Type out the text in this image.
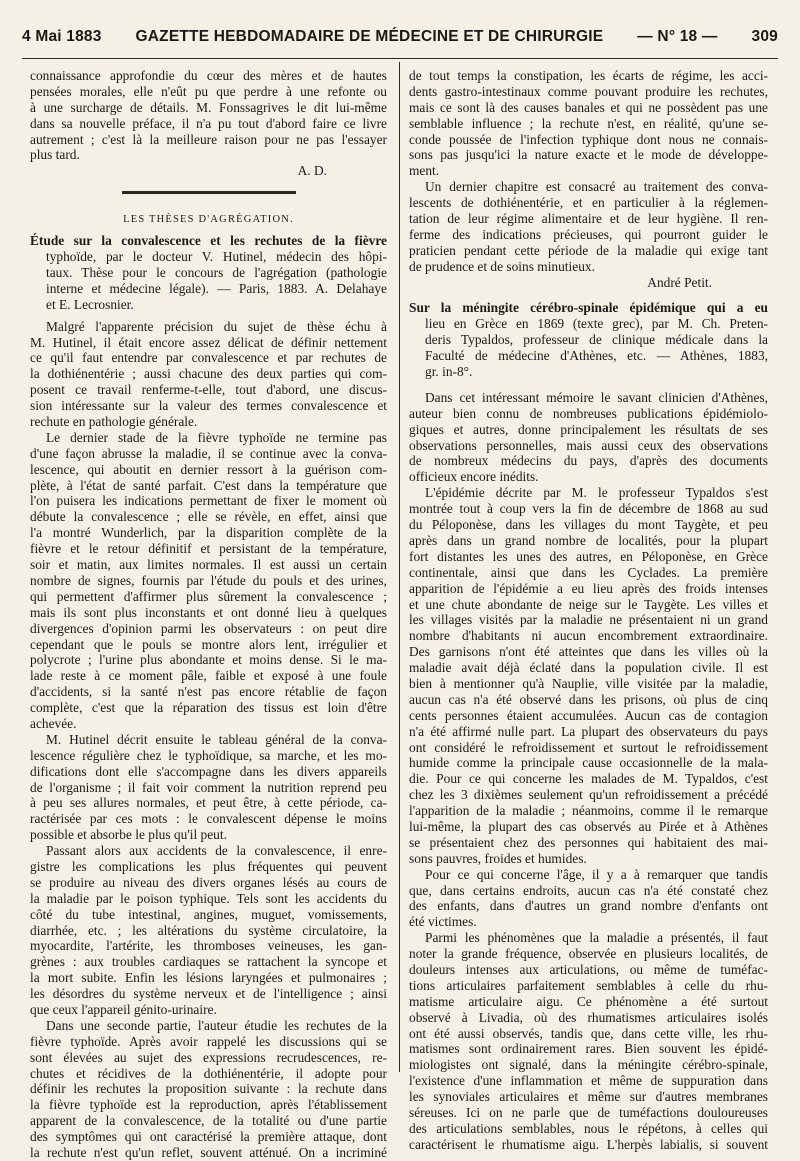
4 Mai 1883 GAZETTE HEBDOMADAIRE DE MÉDECINE ET DE CHIRURGIE — N° 18 — 309
connaissance approfondie du cœur des mères et de hautes
pensées morales, elle n'eût pu que perdre à une refonte ou
à une surcharge de détails. M. Fonssagrives le dit lui-même
dans sa nouvelle préface, il n'a pu tout d'abord faire ce livre
autrement ; c'est là la meilleure raison pour ne pas l'essayer
plus tard.
A. D.
LES THÈSES D'AGRÉGATION.
Étude sur la convalescence et les rechutes de la fièvre
typhoïde, par le docteur V. Hutinel, médecin des hôpi-
taux. Thèse pour le concours de l'agrégation (pathologie
interne et médecine légale). — Paris, 1883. A. Delahaye
et E. Lecrosnier.
Malgré l'apparente précision du sujet de thèse échu à
M. Hutinel, il était encore assez délicat de définir nettement
ce qu'il faut entendre par convalescence et par rechutes de
la dothiénentérie ; aussi chacune des deux parties qui com-
posent ce travail renferme-t-elle, tout d'abord, une discus-
sion intéressante sur la valeur des termes convalescence et
rechute en pathologie générale.
Le dernier stade de la fièvre typhoïde ne termine pas
d'une façon abrusse la maladie, il se continue avec la conva-
lescence, qui aboutit en dernier ressort à la guérison com-
plète, à l'état de santé parfait. C'est dans la température que
l'on puisera les indications permettant de fixer le moment où
débute la convalescence ; elle se révèle, en effet, ainsi que
l'a montré Wunderlich, par la disparition complète de la
fièvre et le retour définitif et persistant de la température,
soir et matin, aux limites normales. Il est aussi un certain
nombre de signes, fournis par l'étude du pouls et des urines,
qui permettent d'affirmer plus sûrement la convalescence ;
mais ils sont plus inconstants et ont donné lieu à quelques
divergences d'opinion parmi les observateurs : on peut dire
cependant que le pouls se montre alors lent, irrégulier et
polycrote ; l'urine plus abondante et moins dense. Si le ma-
lade reste à ce moment pâle, faible et exposé à une foule
d'accidents, si la santé n'est pas encore rétablie de façon
complète, c'est que la réparation des tissus est loin d'être
achevée.
M. Hutinel décrit ensuite le tableau général de la conva-
lescence régulière chez le typhoïdique, sa marche, et les mo-
difications dont elle s'accompagne dans les divers appareils
de l'organisme ; il fait voir comment la nutrition reprend peu
à peu ses allures normales, et peut être, à cette période, ca-
ractérisée par ces mots : le convalescent dépense le moins
possible et absorbe le plus qu'il peut.
Passant alors aux accidents de la convalescence, il enre-
gistre les complications les plus fréquentes qui peuvent
se produire au niveau des divers organes lésés au cours de
la maladie par le poison typhique. Tels sont les accidents du
côté du tube intestinal, angines, muguet, vomissements,
diarrhée, etc. ; les altérations du système circulatoire, la
myocardite, l'artérite, les thromboses veineuses, les gan-
grènes : aux troubles cardiaques se rattachent la syncope et
la mort subite. Enfin les lésions laryngées et pulmonaires ;
les désordres du système nerveux et de l'intelligence ; ainsi
que ceux l'appareil génito-urinaire.
Dans une seconde partie, l'auteur étudie les rechutes de la
fièvre typhoïde. Après avoir rappelé les discussions qui se
sont élevées au sujet des expressions recrudescences, re-
chutes et récidives de la dothiénentérie, il adopte pour
définir les rechutes la proposition suivante : la rechute dans
la fièvre typhoïde est la reproduction, après l'établissement
apparent de la convalescence, de la totalité ou d'une partie
des symptômes qui ont caractérisé la première attaque, dont
la rechute n'est qu'un reflet, souvent atténué. On a incriminé
de tout temps la constipation, les écarts de régime, les acci-
dents gastro-intestinaux comme pouvant produire les rechutes,
mais ce sont là des causes banales et qui ne possèdent pas une
semblable influence ; la rechute n'est, en réalité, qu'une se-
conde poussée de l'infection typhique dont nous ne connais-
sons pas jusqu'ici la nature exacte et le mode de développe-
ment.
Un dernier chapitre est consacré au traitement des conva-
lescents de dothiénentérie, et en particulier à la réglemen-
tation de leur régime alimentaire et de leur hygiène. Il ren-
ferme des indications précieuses, qui pourront guider le
praticien pendant cette période de la maladie qui exige tant
de prudence et de soins minutieux.
André Petit.
Sur la méningite cérébro-spinale épidémique qui a eu
lieu en Grèce en 1869 (texte grec), par M. Ch. Preten-
deris Typaldos, professeur de clinique médicale dans la
Faculté de médecine d'Athènes, etc. — Athènes, 1883,
gr. in-8°.
Dans cet intéressant mémoire le savant clinicien d'Athènes,
auteur bien connu de nombreuses publications épidémiolo-
giques et autres, donne principalement les résultats de ses
observations personnelles, mais aussi ceux des observations
de nombreux médecins du pays, d'après des documents
officieux encore inédits.
L'épidémie décrite par M. le professeur Typaldos s'est
montrée tout à coup vers la fin de décembre de 1868 au sud
du Péloponèse, dans les villages du mont Taygète, et peu
après dans un grand nombre de localités, pour la plupart
fort distantes les unes des autres, en Péloponèse, en Grèce
continentale, ainsi que dans les Cyclades. La première
apparition de l'épidémie a eu lieu après des froids intenses
et une chute abondante de neige sur le Taygète. Les villes et
les villages visités par la maladie ne présentaient ni un grand
nombre d'habitants ni aucun encombrement extraordinaire.
Des garnisons n'ont été atteintes que dans les villes où la
maladie avait déjà éclaté dans la population civile. Il est
bien à mentionner qu'à Nauplie, ville visitée par la maladie,
aucun cas n'a été observé dans les prisons, où plus de cinq
cents personnes étaient accumulées. Aucun cas de contagion
n'a été affirmé nulle part. La plupart des observateurs du pays
ont considéré le refroidissement et surtout le refroidissement
humide comme la principale cause occasionnelle de la mala-
die. Pour ce qui concerne les malades de M. Typaldos, c'est
chez les 3 dixièmes seulement qu'un refroidissement a précédé
l'apparition de la maladie ; néanmoins, comme il le remarque
lui-même, la plupart des cas observés au Pirée et à Athènes
se présentaient chez des personnes qui habitaient des mai-
sons pauvres, froides et humides.
Pour ce qui concerne l'âge, il y a à remarquer que tandis
que, dans certains endroits, aucun cas n'a été constaté chez
des enfants, dans d'autres un grand nombre d'enfants ont
été victimes.
Parmi les phénomènes que la maladie a présentés, il faut
noter la grande fréquence, observée en plusieurs localités, de
douleurs intenses aux articulations, ou même de tuméfac-
tions articulaires parfaitement semblables à celle du rhu-
matisme articulaire aigu. Ce phénomène a été surtout
observé à Livadia, où des rhumatismes articulaires isolés
ont été aussi observés, tandis que, dans cette ville, les rhu-
matismes sont ordinairement rares. Bien souvent les épidé-
miologistes ont signalé, dans la méningite cérébro-spinale,
l'existence d'une inflammation et même de suppuration dans
les synoviales articulaires et même sur d'autres membranes
séreuses. Ici on ne parle que de tuméfactions douloureuses
des articulations semblables, nous le répétons, à celles qui
caractérisent le rhumatisme aigu. L'herpès labialis, si souvent
